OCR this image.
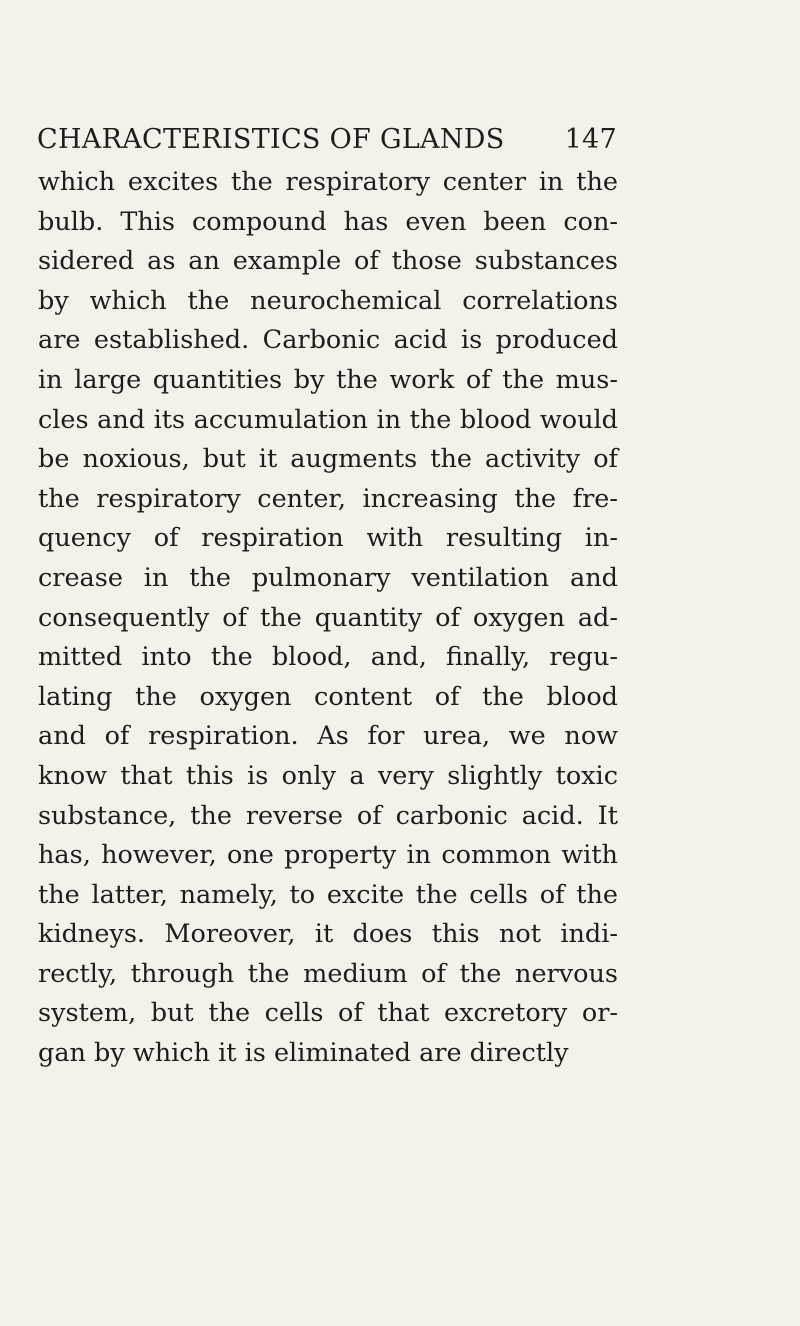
CHARACTERISTICS OF GLANDS 147
which excites the respiratory center in the
bulb. This compound has even been con-
sidered as an example of those substances
by which the neurochemical correlations
are established. Carbonic acid is produced
in large quantities by the work of the mus-
cles and its accumulation in the blood would
be noxious, but it augments the activity of
the respiratory center, increasing the fre-
quency of respiration with resulting in-
crease in the pulmonary ventilation and
consequently of the quantity of oxygen ad-
mitted into the blood, and, finally, regu-
lating the oxygen content of the blood
and of respiration. As for urea, we now
know that this is only a very slightly toxic
substance, the reverse of carbonic acid. It
has, however, one property in common with
the latter, namely, to excite the cells of the
kidneys. Moreover, it does this not indi-
rectly, through the medium of the nervous
system, but the cells of that excretory or-
gan by which it is eliminated are directly
